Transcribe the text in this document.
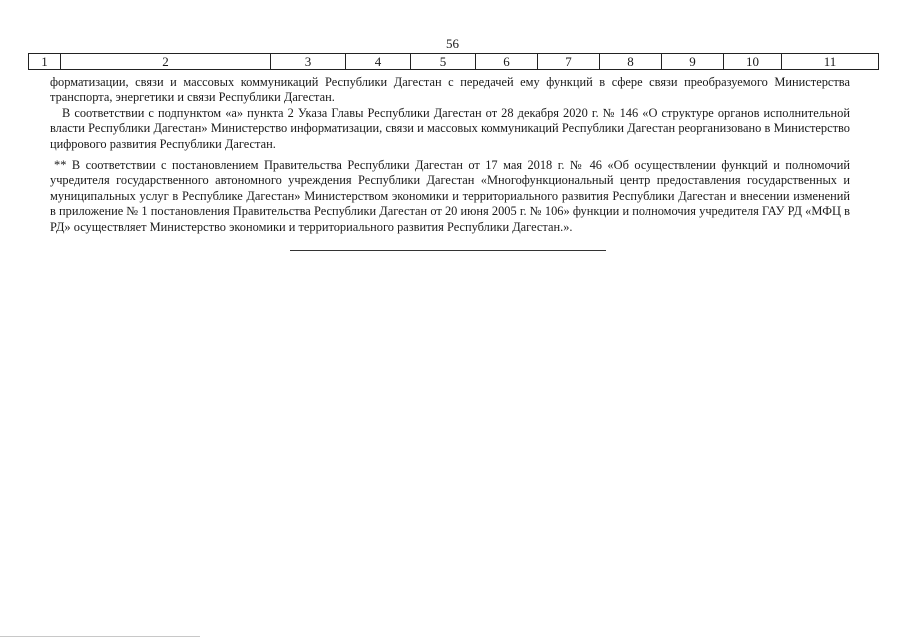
56
1	2	3	4	5	6	7	8	9	10	11

форматизации, связи и массовых коммуникаций Республики Дагестан с передачей ему функций в сфере связи преобразуемого Министерства транспорта, энергетики и связи Республики Дагестан.

В соответствии с подпунктом «а» пункта 2 Указа Главы Республики Дагестан от 28 декабря 2020 г. № 146 «О структуре органов исполнительной власти Республики Дагестан» Министерство информатизации, связи и массовых коммуникаций Республики Дагестан реорганизовано в Министерство цифрового развития Республики Дагестан.

** В соответствии с постановлением Правительства Республики Дагестан от 17 мая 2018 г. № 46 «Об осуществлении функций и полномочий учредителя государственного автономного учреждения Республики Дагестан «Многофункциональный центр предоставления государственных и муниципальных услуг в Республике Дагестан» Министерством экономики и территориального развития Республики Дагестан и внесении изменений в приложение № 1 постановления Правительства Республики Дагестан от 20 июня 2005 г. № 106» функции и полномочия учредителя ГАУ РД «МФЦ в РД» осуществляет Министерство экономики и территориального развития Республики Дагестан.».
